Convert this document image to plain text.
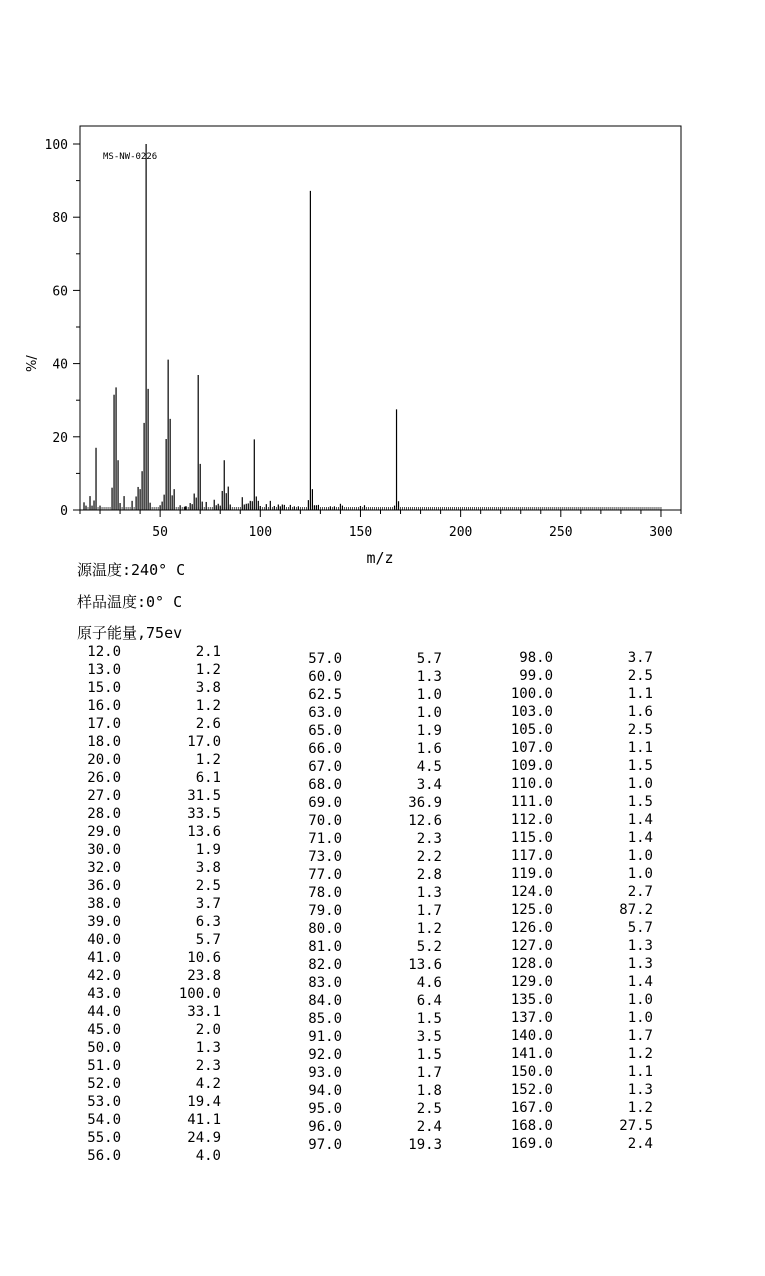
50	100	150	200	250	300
0
20
40
60
80
100
MS-NW-0226
m/z
%/
源温度:240° C
样品温度:0° C
原子能量,75ev
12.0	2.1
13.0	1.2
15.0	3.8
16.0	1.2
17.0	2.6
18.0	17.0
20.0	1.2
26.0	6.1
27.0	31.5
28.0	33.5
29.0	13.6
30.0	1.9
32.0	3.8
36.0	2.5
38.0	3.7
39.0	6.3
40.0	5.7
41.0	10.6
42.0	23.8
43.0	100.0
44.0	33.1
45.0	2.0
50.0	1.3
51.0	2.3
52.0	4.2
53.0	19.4
54.0	41.1
55.0	24.9
56.0	4.0
57.0	5.7
60.0	1.3
62.5	1.0
63.0	1.0
65.0	1.9
66.0	1.6
67.0	4.5
68.0	3.4
69.0	36.9
70.0	12.6
71.0	2.3
73.0	2.2
77.0	2.8
78.0	1.3
79.0	1.7
80.0	1.2
81.0	5.2
82.0	13.6
83.0	4.6
84.0	6.4
85.0	1.5
91.0	3.5
92.0	1.5
93.0	1.7
94.0	1.8
95.0	2.5
96.0	2.4
97.0	19.3
98.0	3.7
99.0	2.5
100.0	1.1
103.0	1.6
105.0	2.5
107.0	1.1
109.0	1.5
110.0	1.0
111.0	1.5
112.0	1.4
115.0	1.4
117.0	1.0
119.0	1.0
124.0	2.7
125.0	87.2
126.0	5.7
127.0	1.3
128.0	1.3
129.0	1.4
135.0	1.0
137.0	1.0
140.0	1.7
141.0	1.2
150.0	1.1
152.0	1.3
167.0	1.2
168.0	27.5
169.0	2.4
